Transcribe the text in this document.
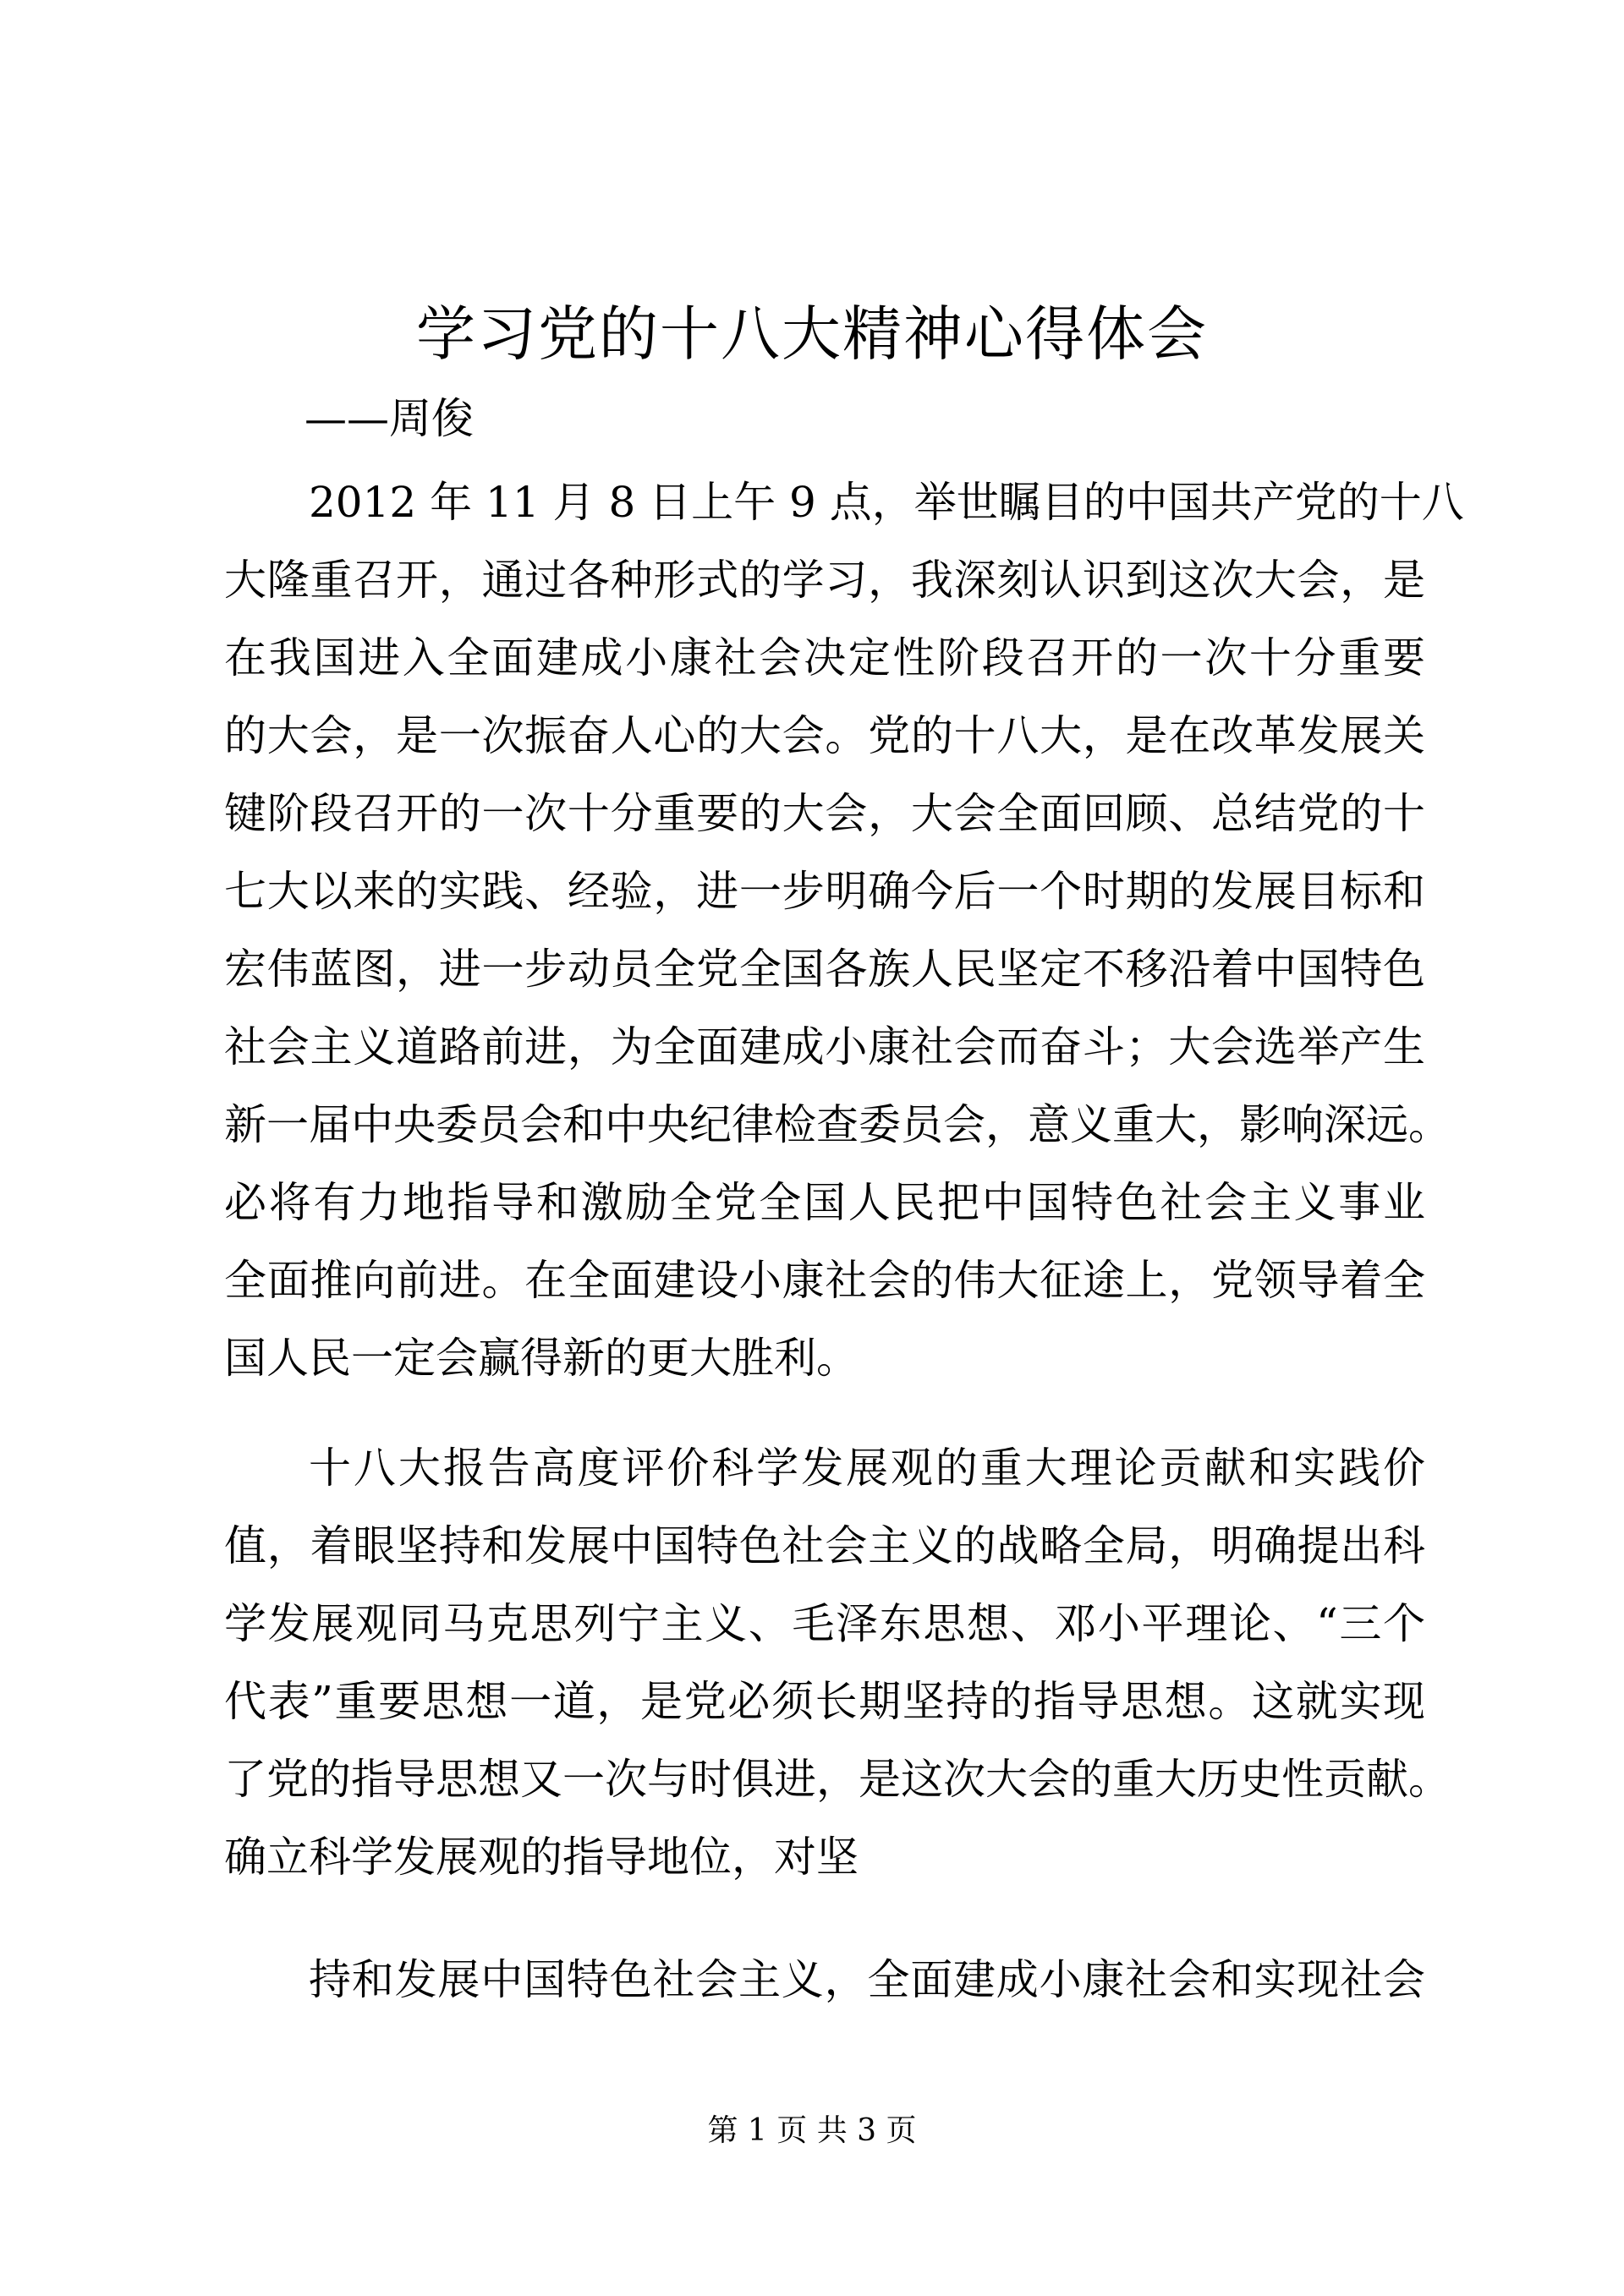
学习党的十八大精神心得体会
——周俊
2012 年 11 月 8 日上午 9 点，举世瞩目的中国共产党的十八
大隆重召开，通过各种形式的学习，我深刻认识到这次大会，是
在我国进入全面建成小康社会决定性阶段召开的一次十分重要
的大会，是一次振奋人心的大会。党的十八大，是在改革发展关
键阶段召开的一次十分重要的大会，大会全面回顾、总结党的十
七大以来的实践、经验，进一步明确今后一个时期的发展目标和
宏伟蓝图，进一步动员全党全国各族人民坚定不移沿着中国特色
社会主义道路前进，为全面建成小康社会而奋斗；大会选举产生
新一届中央委员会和中央纪律检查委员会，意义重大，影响深远。
必将有力地指导和激励全党全国人民把中国特色社会主义事业
全面推向前进。在全面建设小康社会的伟大征途上，党领导着全
国人民一定会赢得新的更大胜利。
十八大报告高度评价科学发展观的重大理论贡献和实践价
值，着眼坚持和发展中国特色社会主义的战略全局，明确提出科
学发展观同马克思列宁主义、毛泽东思想、邓小平理论、“三个
代表”重要思想一道，是党必须长期坚持的指导思想。这就实现
了党的指导思想又一次与时俱进，是这次大会的重大历史性贡献。
确立科学发展观的指导地位，对坚
持和发展中国特色社会主义，全面建成小康社会和实现社会
第 1 页 共 3 页
